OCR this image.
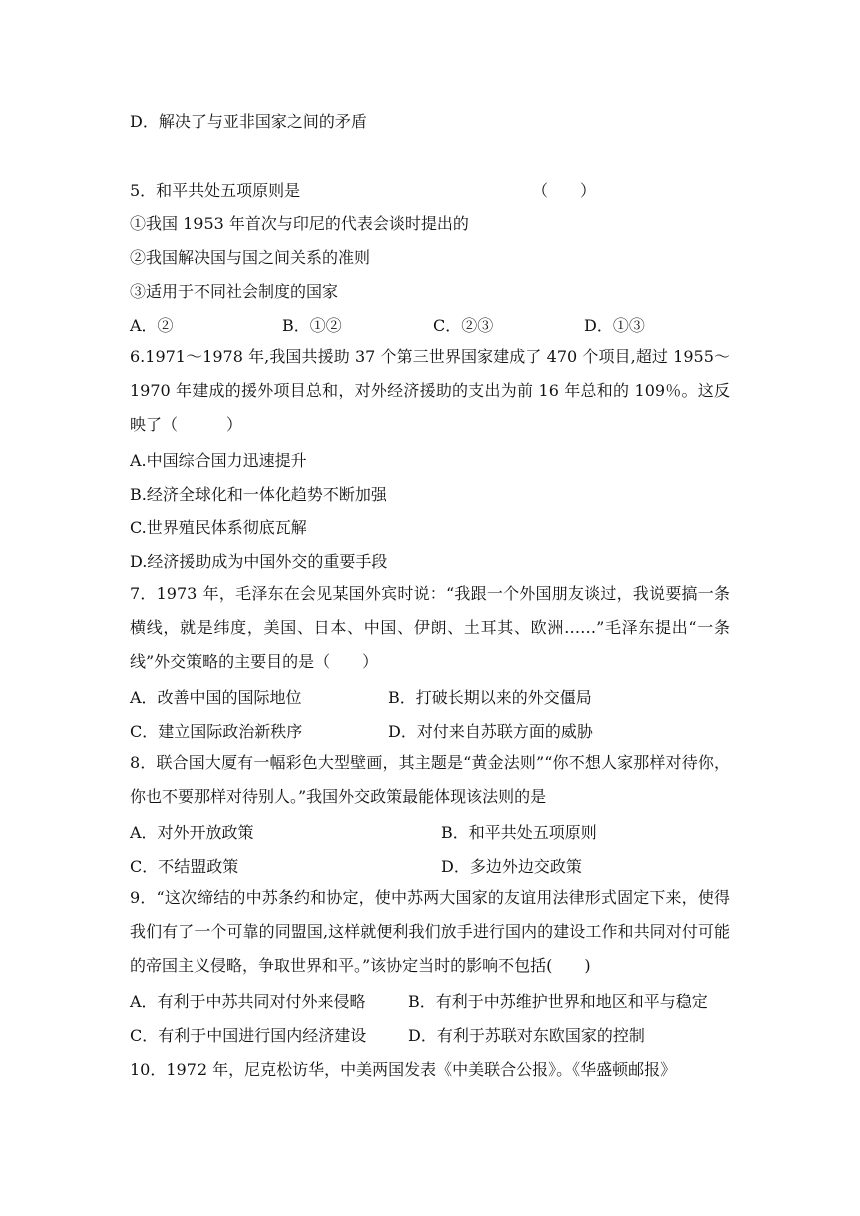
D．解决了与亚非国家之间的矛盾
5．和平共处五项原则是	（　　）
①我国 1953 年首次与印尼的代表会谈时提出的
②我国解决国与国之间关系的准则
③适用于不同社会制度的国家
A．②	B．①②	C．②③	D．①③
6.1971～1978 年,我国共援助 37 个第三世界国家建成了 470 个项目,超过 1955～1970 年建成的援外项目总和，对外经济援助的支出为前 16 年总和的 109％。这反映了（　　　）
A.中国综合国力迅速提升
B.经济全球化和一体化趋势不断加强
C.世界殖民体系彻底瓦解
D.经济援助成为中国外交的重要手段
7．1973 年，毛泽东在会见某国外宾时说：“我跟一个外国朋友谈过，我说要搞一条横线，就是纬度，美国、日本、中国、伊朗、土耳其、欧洲……”毛泽东提出“一条线”外交策略的主要目的是（　　）
A．改善中国的国际地位	B．打破长期以来的外交僵局
C．建立国际政治新秩序	D．对付来自苏联方面的威胁
8．联合国大厦有一幅彩色大型壁画，其主题是“黄金法则”“你不想人家那样对待你，你也不要那样对待别人。”我国外交政策最能体现该法则的是
A．对外开放政策	B．和平共处五项原则
C．不结盟政策	D．多边外边交政策
9．“这次缔结的中苏条约和协定，使中苏两大国家的友谊用法律形式固定下来，使得我们有了一个可靠的同盟国,这样就便利我们放手进行国内的建设工作和共同对付可能的帝国主义侵略，争取世界和平。”该协定当时的影响不包括(　　)
A．有利于中苏共同对付外来侵略	B．有利于中苏维护世界和地区和平与稳定
C．有利于中国进行国内经济建设	D．有利于苏联对东欧国家的控制
10．1972 年，尼克松访华，中美两国发表《中美联合公报》。《华盛顿邮报》
